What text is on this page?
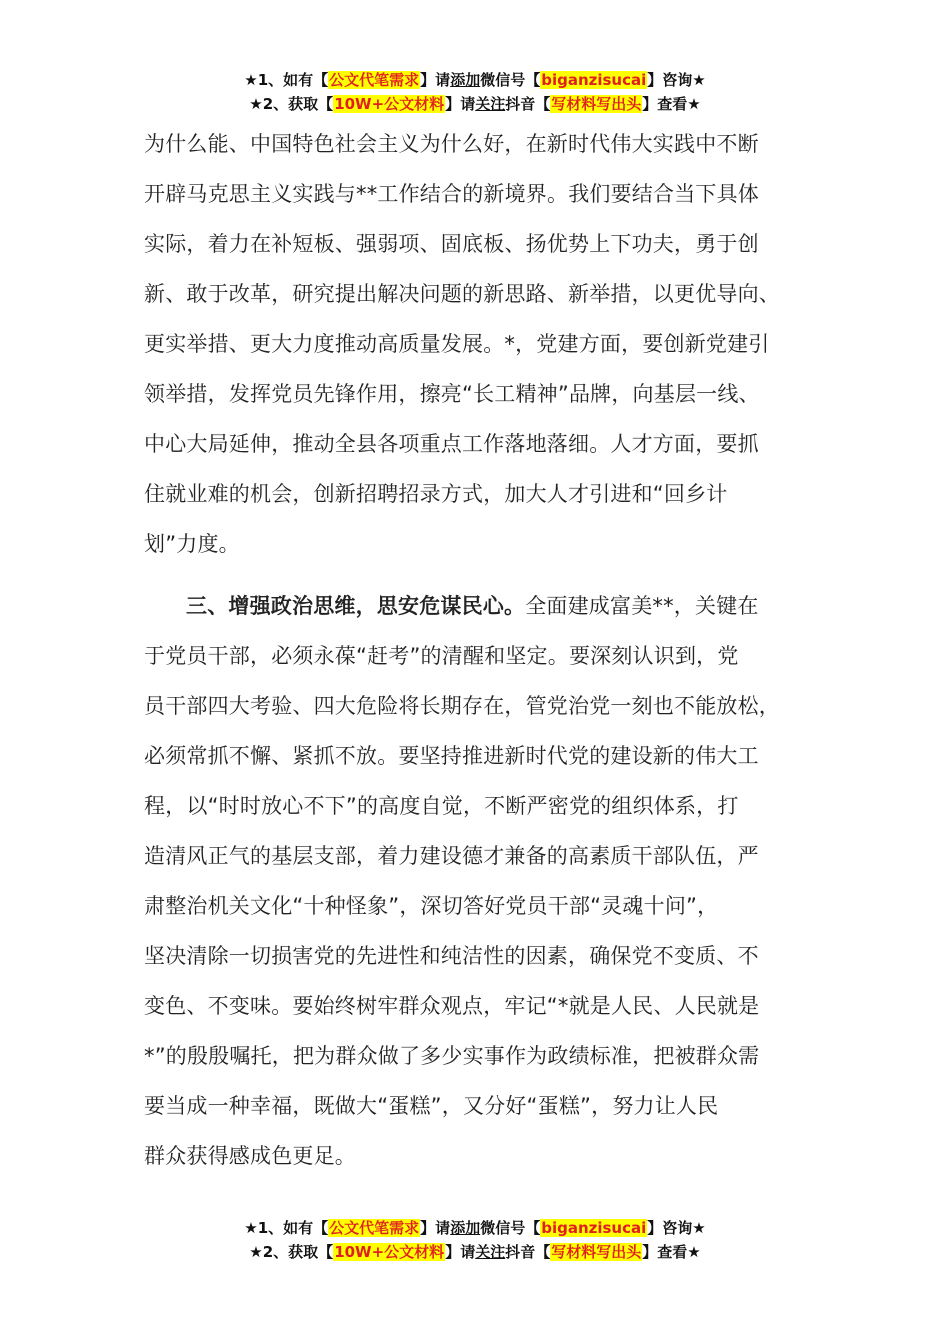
★1、如有【公文代笔需求】请添加微信号【biganzisucai】咨询★
★2、获取【10W+公文材料】请关注抖音【写材料写出头】查看★
为什么能、中国特色社会主义为什么好，在新时代伟大实践中不断
开辟马克思主义实践与**工作结合的新境界。我们要结合当下具体
实际，着力在补短板、强弱项、固底板、扬优势上下功夫，勇于创
新、敢于改革，研究提出解决问题的新思路、新举措，以更优导向、
更实举措、更大力度推动高质量发展。*，党建方面，要创新党建引
领举措，发挥党员先锋作用，擦亮“长工精神”品牌，向基层一线、
中心大局延伸，推动全县各项重点工作落地落细。人才方面，要抓
住就业难的机会，创新招聘招录方式，加大人才引进和“回乡计
划”力度。
三、增强政治思维，思安危谋民心。全面建成富美**，关键在
于党员干部，必须永葆“赶考”的清醒和坚定。要深刻认识到，党
员干部四大考验、四大危险将长期存在，管党治党一刻也不能放松，
必须常抓不懈、紧抓不放。要坚持推进新时代党的建设新的伟大工
程，以“时时放心不下”的高度自觉，不断严密党的组织体系，打
造清风正气的基层支部，着力建设德才兼备的高素质干部队伍，严
肃整治机关文化“十种怪象”，深切答好党员干部“灵魂十问”，
坚决清除一切损害党的先进性和纯洁性的因素，确保党不变质、不
变色、不变味。要始终树牢群众观点，牢记“*就是人民、人民就是
*”的殷殷嘱托，把为群众做了多少实事作为政绩标准，把被群众需
要当成一种幸福，既做大“蛋糕”，又分好“蛋糕”，努力让人民
群众获得感成色更足。
★1、如有【公文代笔需求】请添加微信号【biganzisucai】咨询★
★2、获取【10W+公文材料】请关注抖音【写材料写出头】查看★
